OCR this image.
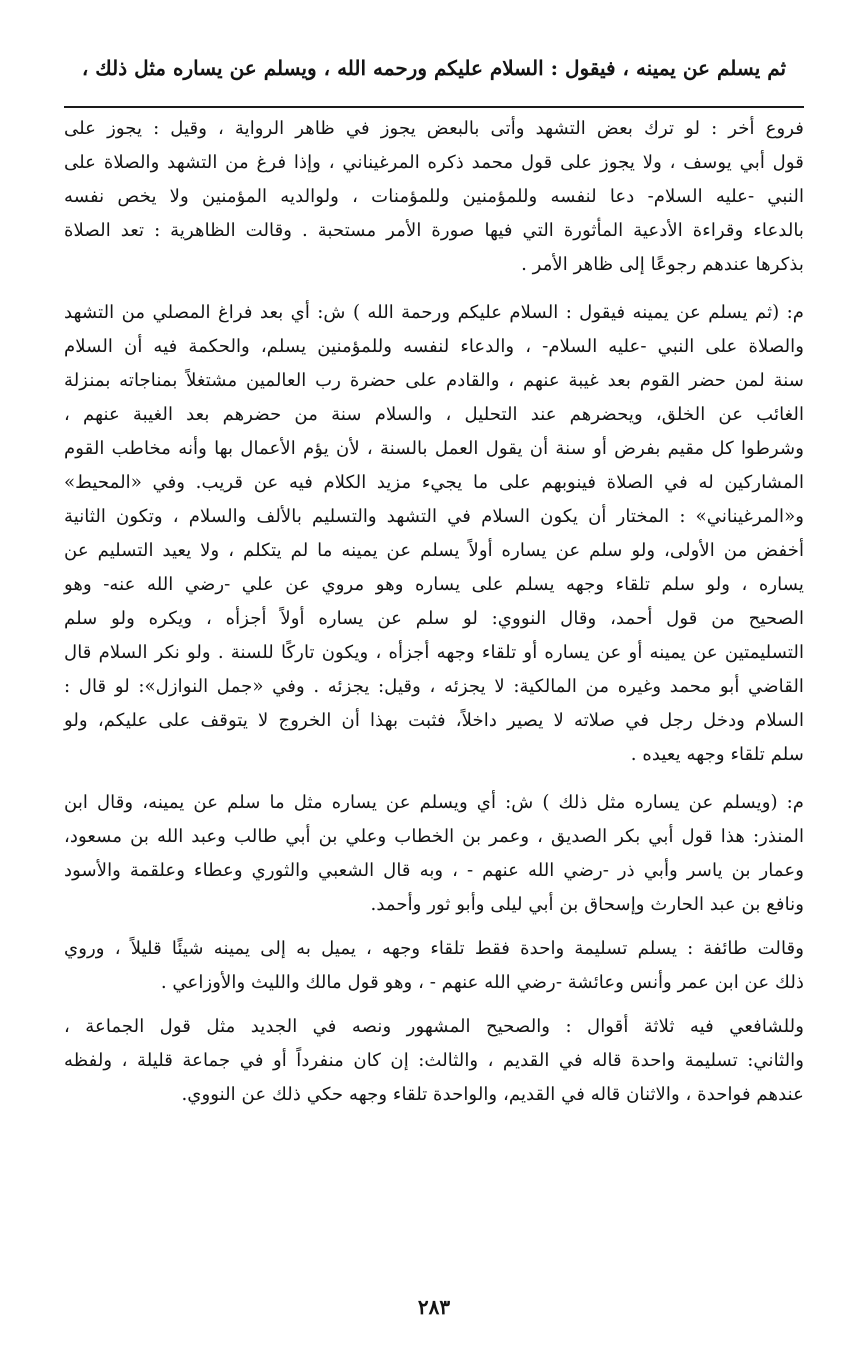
ثم يسلم عن يمينه ، فيقول : السلام عليكم ورحمه الله ، ويسلم عن يساره مثل ذلك ،
فروع أخر : لو ترك بعض التشهد وأتى بالبعض يجوز في ظاهر الرواية ، وقيل : يجوز على
قول أبي يوسف ، ولا يجوز على قول محمد ذكره المرغيناني ، وإذا فرغ من التشهد والصلاة على
النبي -عليه السلام- دعا لنفسه وللمؤمنين وللمؤمنات ، ولوالديه المؤمنين ولا يخص نفسه
بالدعاء وقراءة الأدعية المأثورة التي فيها صورة الأمر مستحبة . وقالت الظاهرية : تعد الصلاة
بذكرها عندهم رجوعًا إلى ظاهر الأمر .
م: (ثم يسلم عن يمينه فيقول : السلام عليكم ورحمة الله ) ش: أي بعد فراغ المصلي من التشهد
والصلاة على النبي -عليه السلام- ، والدعاء لنفسه وللمؤمنين يسلم، والحكمة فيه أن السلام
سنة لمن حضر القوم بعد غيبة عنهم ، والقادم على حضرة رب العالمين مشتغلاً بمناجاته بمنزلة
الغائب عن الخلق، ويحضرهم عند التحليل ، والسلام سنة من حضرهم بعد الغيبة عنهم ،
وشرطوا كل مقيم بفرض أو سنة أن يقول العمل بالسنة ، لأن يؤم الأعمال بها وأنه مخاطب القوم
المشاركين له في الصلاة فينوبهم على ما يجيء مزيد الكلام فيه عن قريب. وفي «المحيط»
و«المرغيناني» : المختار أن يكون السلام في التشهد والتسليم بالألف والسلام ، وتكون الثانية
أخفض من الأولى، ولو سلم عن يساره أولاً يسلم عن يمينه ما لم يتكلم ، ولا يعيد التسليم عن
يساره ، ولو سلم تلقاء وجهه يسلم على يساره وهو مروي عن علي -رضي الله عنه- وهو
الصحيح من قول أحمد، وقال النووي: لو سلم عن يساره أولاً أجزأه ، ويكره ولو سلم
التسليمتين عن يمينه أو عن يساره أو تلقاء وجهه أجزأه ، ويكون تاركًا للسنة . ولو نكر السلام قال
القاضي أبو محمد وغيره من المالكية: لا يجزئه ، وقيل: يجزئه . وفي «جمل النوازل»: لو قال :
السلام ودخل رجل في صلاته لا يصير داخلاً، فثبت بهذا أن الخروج لا يتوقف على عليكم، ولو
سلم تلقاء وجهه يعيده .
م: (ويسلم عن يساره مثل ذلك ) ش: أي ويسلم عن يساره مثل ما سلم عن يمينه، وقال ابن
المنذر: هذا قول أبي بكر الصديق ، وعمر بن الخطاب وعلي بن أبي طالب وعبد الله بن مسعود،
وعمار بن ياسر وأبي ذر -رضي الله عنهم - ، وبه قال الشعبي والثوري وعطاء وعلقمة والأسود
ونافع بن عبد الحارث وإسحاق بن أبي ليلى وأبو ثور وأحمد.
وقالت طائفة : يسلم تسليمة واحدة فقط تلقاء وجهه ، يميل به إلى يمينه شيئًا قليلاً ، وروي
ذلك عن ابن عمر وأنس وعائشة -رضي الله عنهم - ، وهو قول مالك والليث والأوزاعي .
وللشافعي فيه ثلاثة أقوال : والصحيح المشهور ونصه في الجديد مثل قول الجماعة ،
والثاني: تسليمة واحدة قاله في القديم ، والثالث: إن كان منفرداً أو في جماعة قليلة ، ولفظه
عندهم فواحدة ، والاثنان قاله في القديم، والواحدة تلقاء وجهه حكي ذلك عن النووي.
٢٨٣
